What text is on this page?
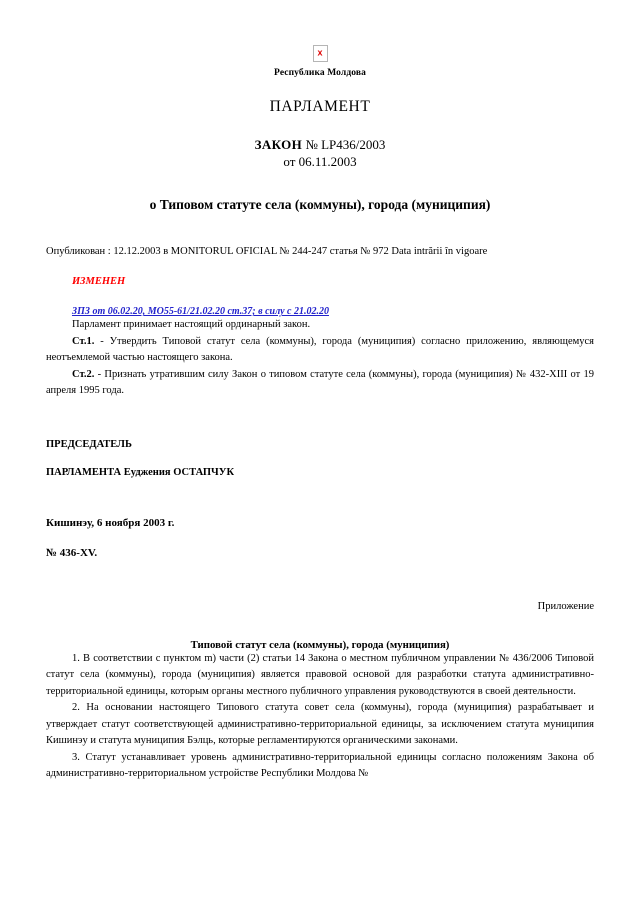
x
Республика Молдова
ПАРЛАМЕНТ
ЗАКОН № LP436/2003
от 06.11.2003
о Типовом статуте села (коммуны), города (муниципия)
Опубликован : 12.12.2003 в MONITORUL OFICIAL № 244-247 статья № 972 Data intrării în vigoare
ИЗМЕНЕН
ЗПЗ от 06.02.20, МО55-61/21.02.20 ст.37; в силу с 21.02.20

Парламент принимает настоящий ординарный закон.

Ст.1. - Утвердить Типовой статут села (коммуны), города (муниципия) согласно приложению, являющемуся неотъемлемой частью настоящего закона.

Ст.2. - Признать утратившим силу Закон о типовом статуте села (коммуны), города (муниципия) № 432-XIII от 19 апреля 1995 года.

ПРЕДСЕДАТЕЛЬ

ПАРЛАМЕНТА Еуджения ОСТАПЧУК

Кишинэу, 6 ноября 2003 г.

№ 436-XV.

Приложение
Типовой статут села (коммуны), города (муниципия)

1. В соответствии с пунктом m) части (2) статьи 14 Закона о местном публичном управлении № 436/2006 Типовой статут села (коммуны), города (муниципия) является правовой основой для разработки статута административно-территориальной единицы, которым органы местного публичного управления руководствуются в своей деятельности.

2. На основании настоящего Типового статута совет села (коммуны), города (муниципия) разрабатывает и утверждает статут соответствующей административно-территориальной единицы, за исключением статута муниципия Кишинэу и статута муниципия Бэлць, которые регламентируются органическими законами.

3. Статут устанавливает уровень административно-территориальной единицы согласно положениям Закона об административно-территориальном устройстве Республики Молдова №
